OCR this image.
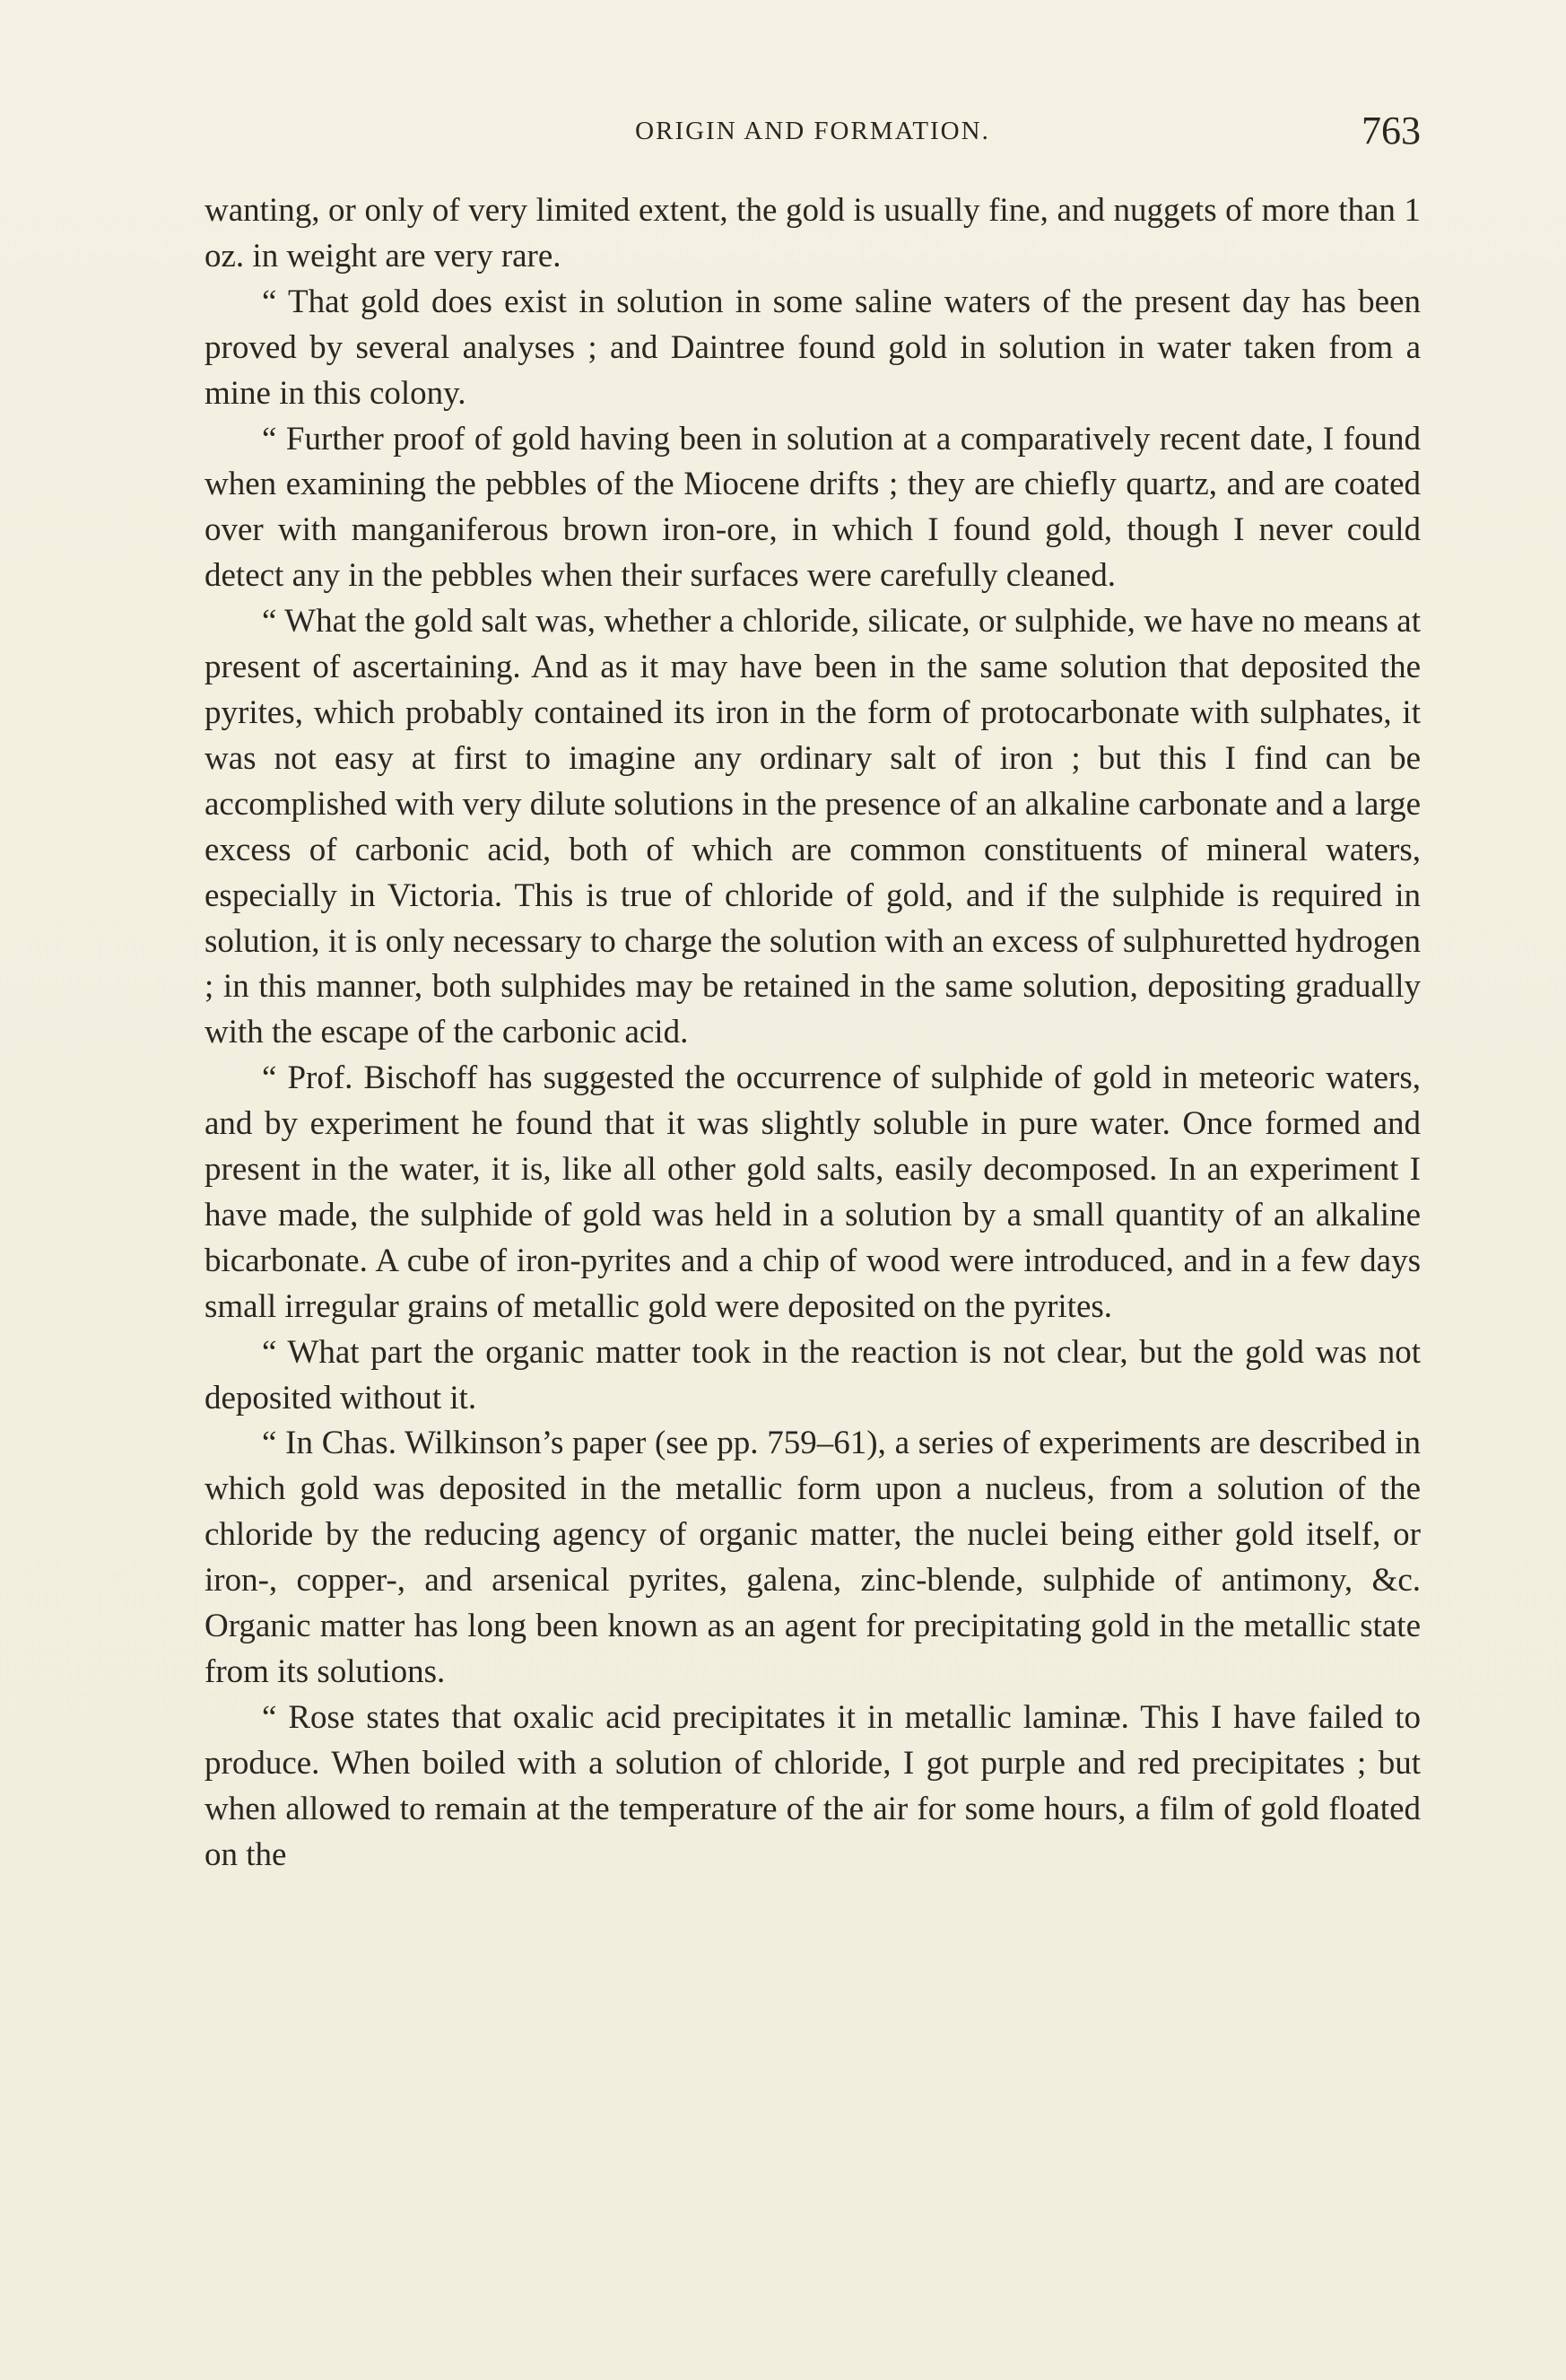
ORIGIN AND FORMATION.	763

wanting, or only of very limited extent, the gold is usually fine, and nuggets of more than 1 oz. in weight are very rare.

“ That gold does exist in solution in some saline waters of the present day has been proved by several analyses ; and Daintree found gold in solution in water taken from a mine in this colony.

“ Further proof of gold having been in solution at a comparatively recent date, I found when examining the pebbles of the Miocene drifts ; they are chiefly quartz, and are coated over with manganiferous brown iron-ore, in which I found gold, though I never could detect any in the pebbles when their surfaces were carefully cleaned.

“ What the gold salt was, whether a chloride, silicate, or sulphide, we have no means at present of ascertaining. And as it may have been in the same solution that deposited the pyrites, which probably contained its iron in the form of protocarbonate with sulphates, it was not easy at first to imagine any ordinary salt of iron ; but this I find can be accomplished with very dilute solutions in the presence of an alkaline carbonate and a large excess of carbonic acid, both of which are common constituents of mineral waters, especially in Victoria. This is true of chloride of gold, and if the sulphide is required in solution, it is only necessary to charge the solution with an excess of sulphuretted hydrogen ; in this manner, both sulphides may be retained in the same solution, depositing gradually with the escape of the carbonic acid.

“ Prof. Bischoff has suggested the occurrence of sulphide of gold in meteoric waters, and by experiment he found that it was slightly soluble in pure water. Once formed and present in the water, it is, like all other gold salts, easily decomposed. In an experiment I have made, the sulphide of gold was held in a solution by a small quantity of an alkaline bicarbonate. A cube of iron-pyrites and a chip of wood were introduced, and in a few days small irregular grains of metallic gold were deposited on the pyrites.

“ What part the organic matter took in the reaction is not clear, but the gold was not deposited without it.

“ In Chas. Wilkinson’s paper (see pp. 759–61), a series of experiments are described in which gold was deposited in the metallic form upon a nucleus, from a solution of the chloride by the reducing agency of organic matter, the nuclei being either gold itself, or iron-, copper-, and arsenical pyrites, galena, zinc-blende, sulphide of antimony, &c. Organic matter has long been known as an agent for precipitating gold in the metallic state from its solutions.

“ Rose states that oxalic acid precipitates it in metallic laminæ. This I have failed to produce. When boiled with a solution of chloride, I got purple and red precipitates ; but when allowed to remain at the temperature of the air for some hours, a film of gold floated on the
